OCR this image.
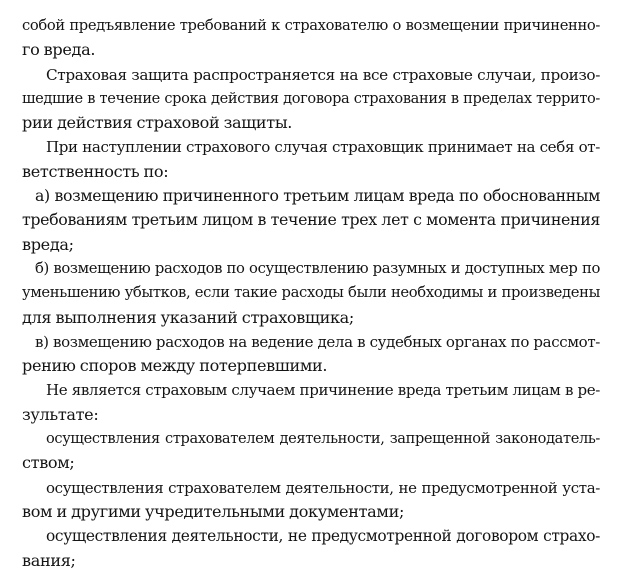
собой предъявление требований к страхователю о возмещении причиненно-
го вреда.
Страховая защита распространяется на все страховые случаи, произо-
шедшие в течение срока действия договора страхования в пределах террито-
рии действия страховой защиты.
При наступлении страхового случая страховщик принимает на себя от-
ветственность по:
а) возмещению причиненного третьим лицам вреда по обоснованным
требованиям третьим лицом в течение трех лет с момента причинения
вреда;
б) возмещению расходов по осуществлению разумных и доступных мер по
уменьшению убытков, если такие расходы были необходимы и произведены
для выполнения указаний страховщика;
в) возмещению расходов на ведение дела в судебных органах по рассмот-
рению споров между потерпевшими.
Не является страховым случаем причинение вреда третьим лицам в ре-
зультате:
осуществления страхователем деятельности, запрещенной законодатель-
ством;
осуществления страхователем деятельности, не предусмотренной уста-
вом и другими учредительными документами;
осуществления деятельности, не предусмотренной договором страхо-
вания;
